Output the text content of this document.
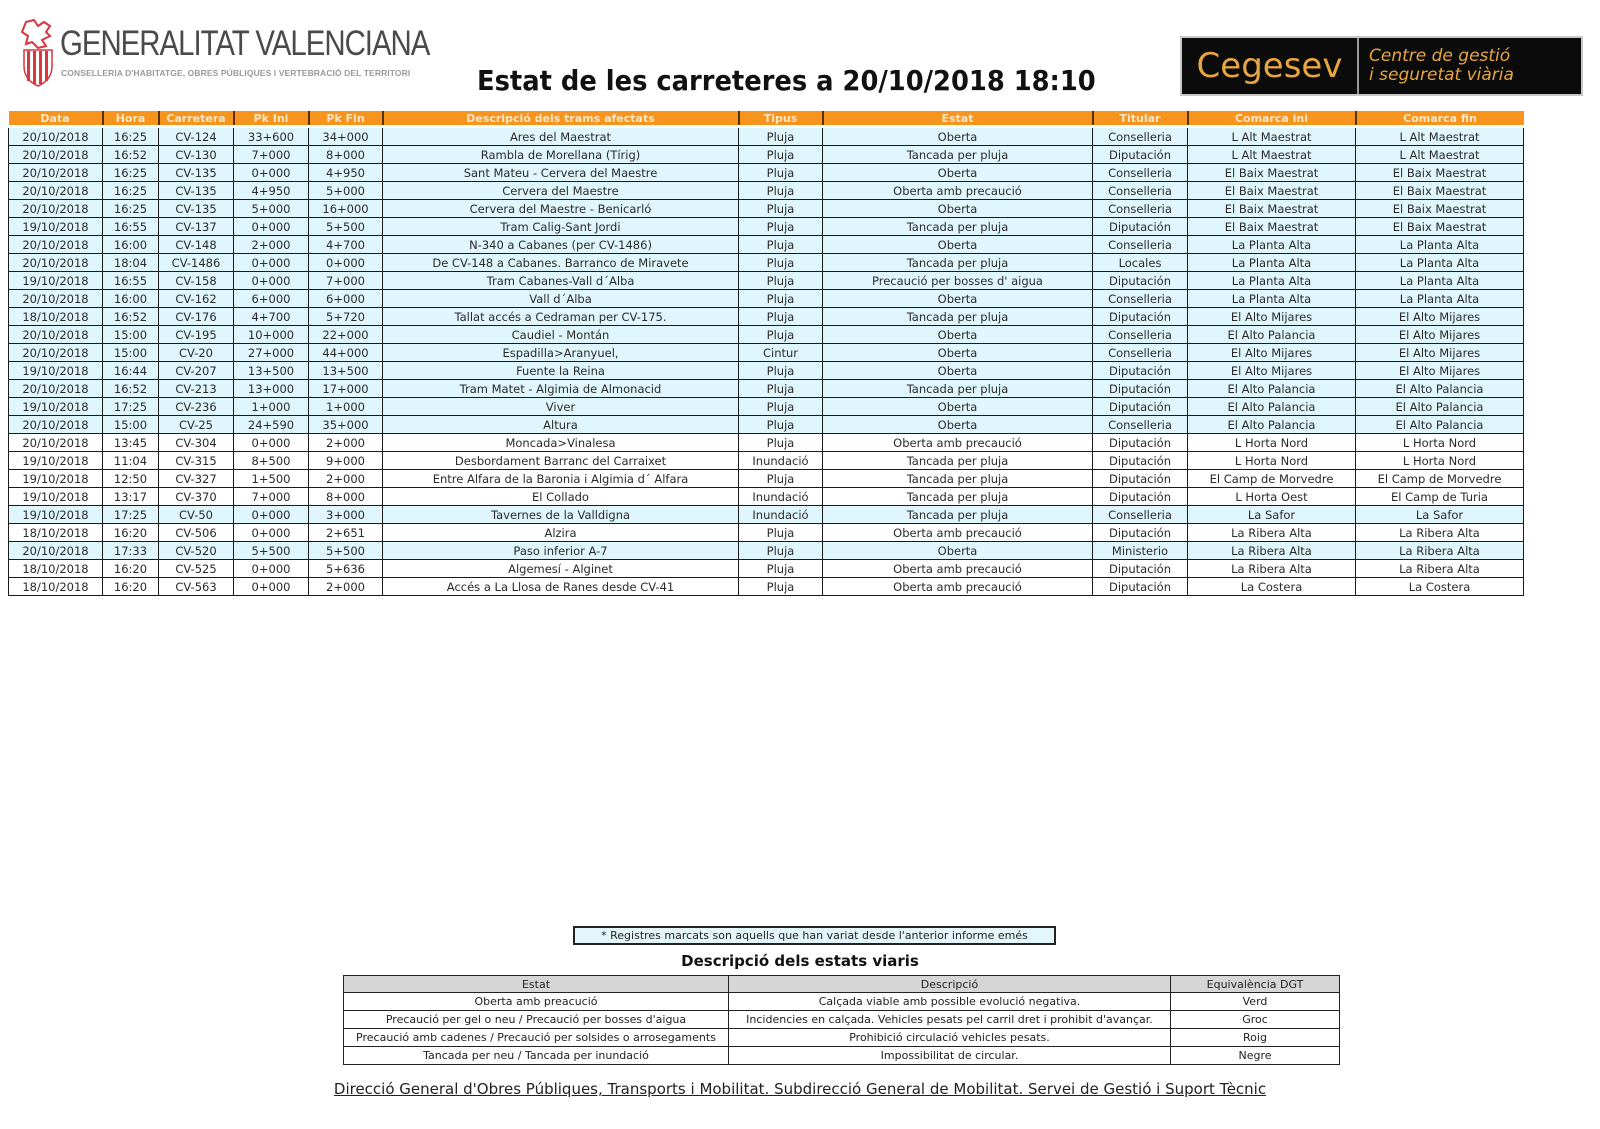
GENERALITAT VALENCIANA
CONSELLERIA D'HABITATGE, OBRES PÚBLIQUES I VERTEBRACIÓ DEL TERRITORI Estat de les carreteres a 20/10/2018 18:10	Cegesev	Centre de gestió
i seguretat viària
Data	Hora	Carretera	Pk Ini	Pk Fin	Descripció dels trams afectats	Tipus	Estat	Titular	Comarca ini	Comarca fin
20/10/2018	16:25	CV-124	33+600	34+000	Ares del Maestrat	Pluja	Oberta	Conselleria	L Alt Maestrat	L Alt Maestrat
20/10/2018	16:52	CV-130	7+000	8+000	Rambla de Morellana (Tírig)	Pluja	Tancada per pluja	Diputación	L Alt Maestrat	L Alt Maestrat
20/10/2018	16:25	CV-135	0+000	4+950	Sant Mateu - Cervera del Maestre	Pluja	Oberta	Conselleria	El Baix Maestrat	El Baix Maestrat
20/10/2018	16:25	CV-135	4+950	5+000	Cervera del Maestre	Pluja	Oberta amb precaució	Conselleria	El Baix Maestrat	El Baix Maestrat
20/10/2018	16:25	CV-135	5+000	16+000	Cervera del Maestre - Benicarló	Pluja	Oberta	Conselleria	El Baix Maestrat	El Baix Maestrat
19/10/2018	16:55	CV-137	0+000	5+500	Tram Calig-Sant Jordi	Pluja	Tancada per pluja	Diputación	El Baix Maestrat	El Baix Maestrat
20/10/2018	16:00	CV-148	2+000	4+700	N-340 a Cabanes (per CV-1486)	Pluja	Oberta	Conselleria	La Planta Alta	La Planta Alta
20/10/2018	18:04	CV-1486	0+000	0+000	De CV-148 a Cabanes. Barranco de Miravete	Pluja	Tancada per pluja	Locales	La Planta Alta	La Planta Alta
19/10/2018	16:55	CV-158	0+000	7+000	Tram Cabanes-Vall d´Alba	Pluja	Precaució per bosses d' aigua	Diputación	La Planta Alta	La Planta Alta
20/10/2018	16:00	CV-162	6+000	6+000	Vall d´Alba	Pluja	Oberta	Conselleria	La Planta Alta	La Planta Alta
18/10/2018	16:52	CV-176	4+700	5+720	Tallat accés a Cedraman per CV-175.	Pluja	Tancada per pluja	Diputación	El Alto Mijares	El Alto Mijares
20/10/2018	15:00	CV-195	10+000	22+000	Caudiel - Montán	Pluja	Oberta	Conselleria	El Alto Palancia	El Alto Mijares
20/10/2018	15:00	CV-20	27+000	44+000	Espadilla>Aranyuel,	Cintur	Oberta	Conselleria	El Alto Mijares	El Alto Mijares
19/10/2018	16:44	CV-207	13+500	13+500	Fuente la Reina	Pluja	Oberta	Diputación	El Alto Mijares	El Alto Mijares
20/10/2018	16:52	CV-213	13+000	17+000	Tram Matet - Algimia de Almonacid	Pluja	Tancada per pluja	Diputación	El Alto Palancia	El Alto Palancia
19/10/2018	17:25	CV-236	1+000	1+000	Viver	Pluja	Oberta	Diputación	El Alto Palancia	El Alto Palancia
20/10/2018	15:00	CV-25	24+590	35+000	Altura	Pluja	Oberta	Conselleria	El Alto Palancia	El Alto Palancia
20/10/2018	13:45	CV-304	0+000	2+000	Moncada>Vinalesa	Pluja	Oberta amb precaució	Diputación	L Horta Nord	L Horta Nord
19/10/2018	11:04	CV-315	8+500	9+000	Desbordament Barranc del Carraixet	Inundació	Tancada per pluja	Diputación	L Horta Nord	L Horta Nord
19/10/2018	12:50	CV-327	1+500	2+000	Entre Alfara de la Baronia i Algimia d´ Alfara	Pluja	Tancada per pluja	Diputación	El Camp de Morvedre	El Camp de Morvedre
19/10/2018	13:17	CV-370	7+000	8+000	El Collado	Inundació	Tancada per pluja	Diputación	L Horta Oest	El Camp de Turia
19/10/2018	17:25	CV-50	0+000	3+000	Tavernes de la Valldigna	Inundació	Tancada per pluja	Conselleria	La Safor	La Safor
18/10/2018	16:20	CV-506	0+000	2+651	Alzira	Pluja	Oberta amb precaució	Diputación	La Ribera Alta	La Ribera Alta
20/10/2018	17:33	CV-520	5+500	5+500	Paso inferior A-7	Pluja	Oberta	Ministerio	La Ribera Alta	La Ribera Alta
18/10/2018	16:20	CV-525	0+000	5+636	Algemesí - Alginet	Pluja	Oberta amb precaució	Diputación	La Ribera Alta	La Ribera Alta
18/10/2018	16:20	CV-563	0+000	2+000	Accés a La Llosa de Ranes desde CV-41	Pluja	Oberta amb precaució	Diputación	La Costera	La Costera
* Registres marcats son aquells que han variat desde l'anterior informe emés
Descripció dels estats viaris
Estat	Descripció	Equivalència DGT
Oberta amb preacució	Calçada viable amb possible evolució negativa.	Verd
Precaució per gel o neu / Precaució per bosses d'aigua	Incidencies en calçada. Vehicles pesats pel carril dret i prohibit d'avançar.	Groc
Precaució amb cadenes / Precaució per solsides o arrosegaments	Prohibició circulació vehicles pesats.	Roig
Tancada per neu / Tancada per inundació	Impossibilitat de circular.	Negre
Direcció General d'Obres Públiques, Transports i Mobilitat. Subdirecció General de Mobilitat. Servei de Gestió i Suport Tècnic
